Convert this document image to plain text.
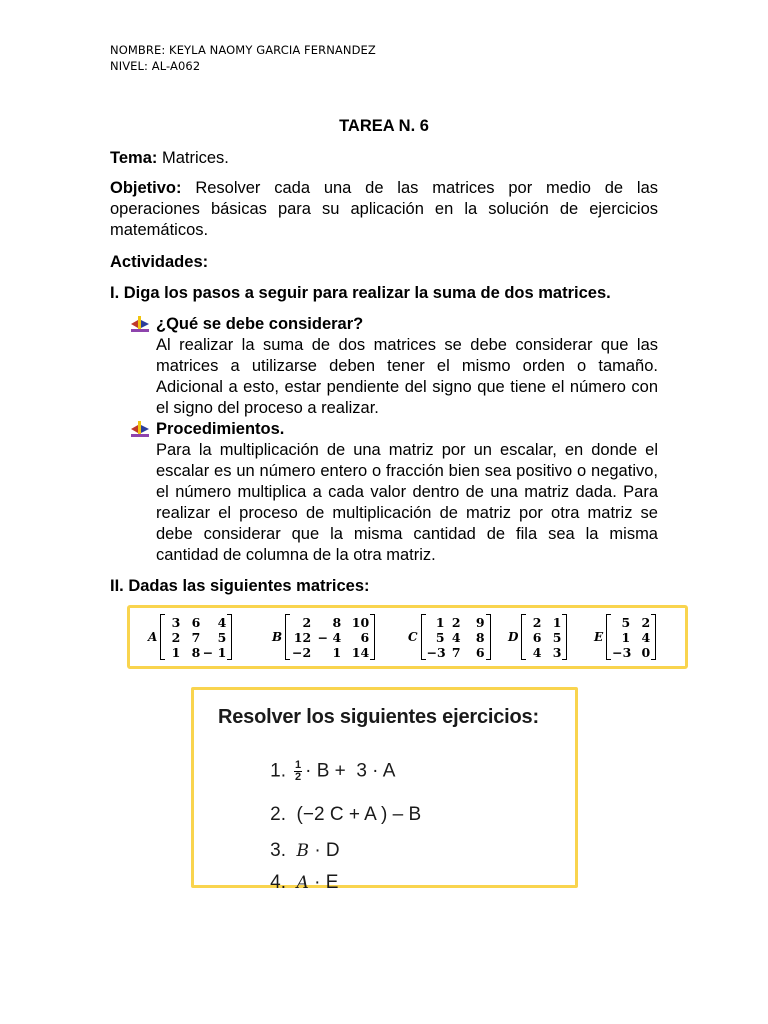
NOMBRE: KEYLA NAOMY GARCIA FERNANDEZ
NIVEL: AL-A062
TAREA N. 6
Tema: Matrices.
Objetivo: Resolver cada una de las matrices por medio de las operaciones básicas para su aplicación en la solución de ejercicios matemáticos.
Actividades:
I. Diga los pasos a seguir para realizar la suma de dos matrices.
¿Qué se debe considerar?
Al realizar la suma de dos matrices se debe considerar que las matrices a utilizarse deben tener el mismo orden o tamaño. Adicional a esto, estar pendiente del signo que tiene el número con el signo del proceso a realizar.
Procedimientos.
Para la multiplicación de una matriz por un escalar, en donde el escalar es un número entero o fracción bien sea positivo o negativo, el número multiplica a cada valor dentro de una matriz dada. Para realizar el proceso de multiplicación de matriz por otra matriz se debe considerar que la misma cantidad de fila sea la misma cantidad de columna de la otra matriz.
II. Dadas las siguientes matrices:
A
3 6	4
2 7	5
1 8 − 1
B
2	8 10
12 − 4	6
−2	1 14
C
1 2	9
5 4	8
−3 7	6
D
2 1
6 5
4 3
E
5 2
1 4
−3 0
Resolver los siguientes ejercicios:

1. $\frac{1}{2} \cdot B + 3 \cdot A$

2. (−2 C + A ) – B

3. B · D

4. A · E
